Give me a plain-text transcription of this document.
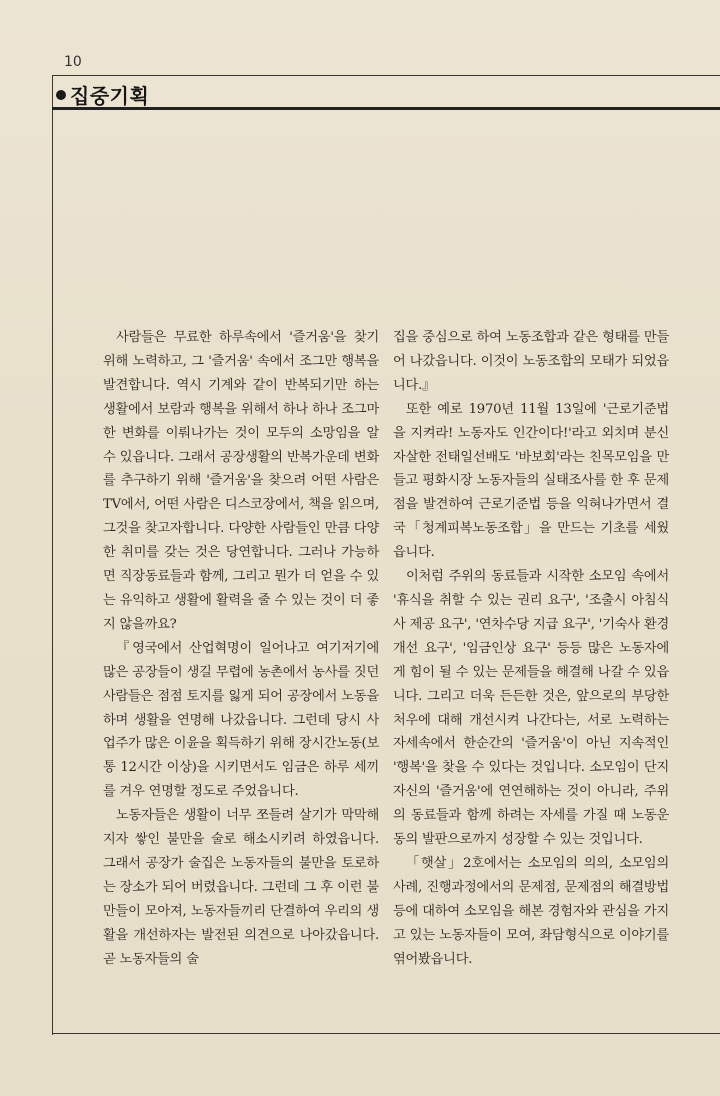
10
집중기획

사람들은 무료한 하루속에서 '즐거움'을 찾기 위해 노력하고, 그 '즐거움' 속에서 조그만 행복을 발견합니다. 역시 기계와 같이 반복되기만 하는 생활에서 보람과 행복을 위해서 하나 하나 조그마한 변화를 이뤄나가는 것이 모두의 소망임을 알 수 있읍니다. 그래서 공장생활의 반복가운데 변화를 추구하기 위해 '즐거움'을 찾으려 어떤 사람은 TV에서, 어떤 사람은 디스코장에서, 책을 읽으며,그것을 찾고자합니다. 다양한 사람들인 만큼 다양한 취미를 갖는 것은 당연합니다. 그러나 가능하면 직장동료들과 함께, 그리고 뭔가 더 얻을 수 있는 유익하고 생활에 활력을 줄 수 있는 것이 더 좋지 않을까요?

『영국에서 산업혁명이 일어나고 여기저기에 많은 공장들이 생길 무렵에 농촌에서 농사를 짓던 사람들은 점점 토지를 잃게 되어 공장에서 노동을 하며 생활을 연명해 나갔읍니다. 그런데 당시 사업주가 많은 이윤을 획득하기 위해 장시간노동(보통 12시간 이상)을 시키면서도 임금은 하루 세끼를 겨우 연명할 정도로 주었읍니다.

노동자들은 생활이 너무 쪼들려 살기가 막막해지자 쌓인 불만을 술로 해소시키려 하였읍니다. 그래서 공장가 술집은 노동자들의 불만을 토로하는 장소가 되어 버렸읍니다. 그런데 그 후 이런 불만들이 모아져, 노동자들끼리 단결하여 우리의 생활을 개선하자는 발전된 의견으로 나아갔읍니다. 곧 노동자들의 술

집을 중심으로 하여 노동조합과 같은 형태를 만들어 나갔읍니다. 이것이 노동조합의 모태가 되었읍니다.』

또한 예로 1970년 11월 13일에 '근로기준법을 지켜라! 노동자도 인간이다!'라고 외치며 분신자살한 전태일선배도 '바보회'라는 친목모임을 만들고 평화시장 노동자들의 실태조사를 한 후 문제점을 발견하여 근로기준법 등을 익혀나가면서 결국「청계피복노동조합」을 만드는 기초를 세웠읍니다.

이처럼 주위의 동료들과 시작한 소모임 속에서 '휴식을 취할 수 있는 권리 요구', '조출시 아침식사 제공 요구', '연차수당 지급 요구', '기숙사 환경개선 요구', '임금인상 요구' 등등 많은 노동자에게 힘이 될 수 있는 문제들을 해결해 나갈 수 있읍니다. 그리고 더욱 든든한 것은, 앞으로의 부당한 처우에 대해 개선시켜 나간다는, 서로 노력하는 자세속에서 한순간의 '즐거움'이 아닌 지속적인 '행복'을 찾을 수 있다는 것입니다. 소모임이 단지 자신의 '즐거움'에 연연해하는 것이 아니라, 주위의 동료들과 함께 하려는 자세를 가질 때 노동운동의 발판으로까지 성장할 수 있는 것입니다.

「햇살」2호에서는 소모임의 의의, 소모임의 사례, 진행과정에서의 문제점, 문제점의 해결방법 등에 대하여 소모임을 해본 경험자와 관심을 가지고 있는 노동자들이 모여, 좌담형식으로 이야기를 엮어봤읍니다.
